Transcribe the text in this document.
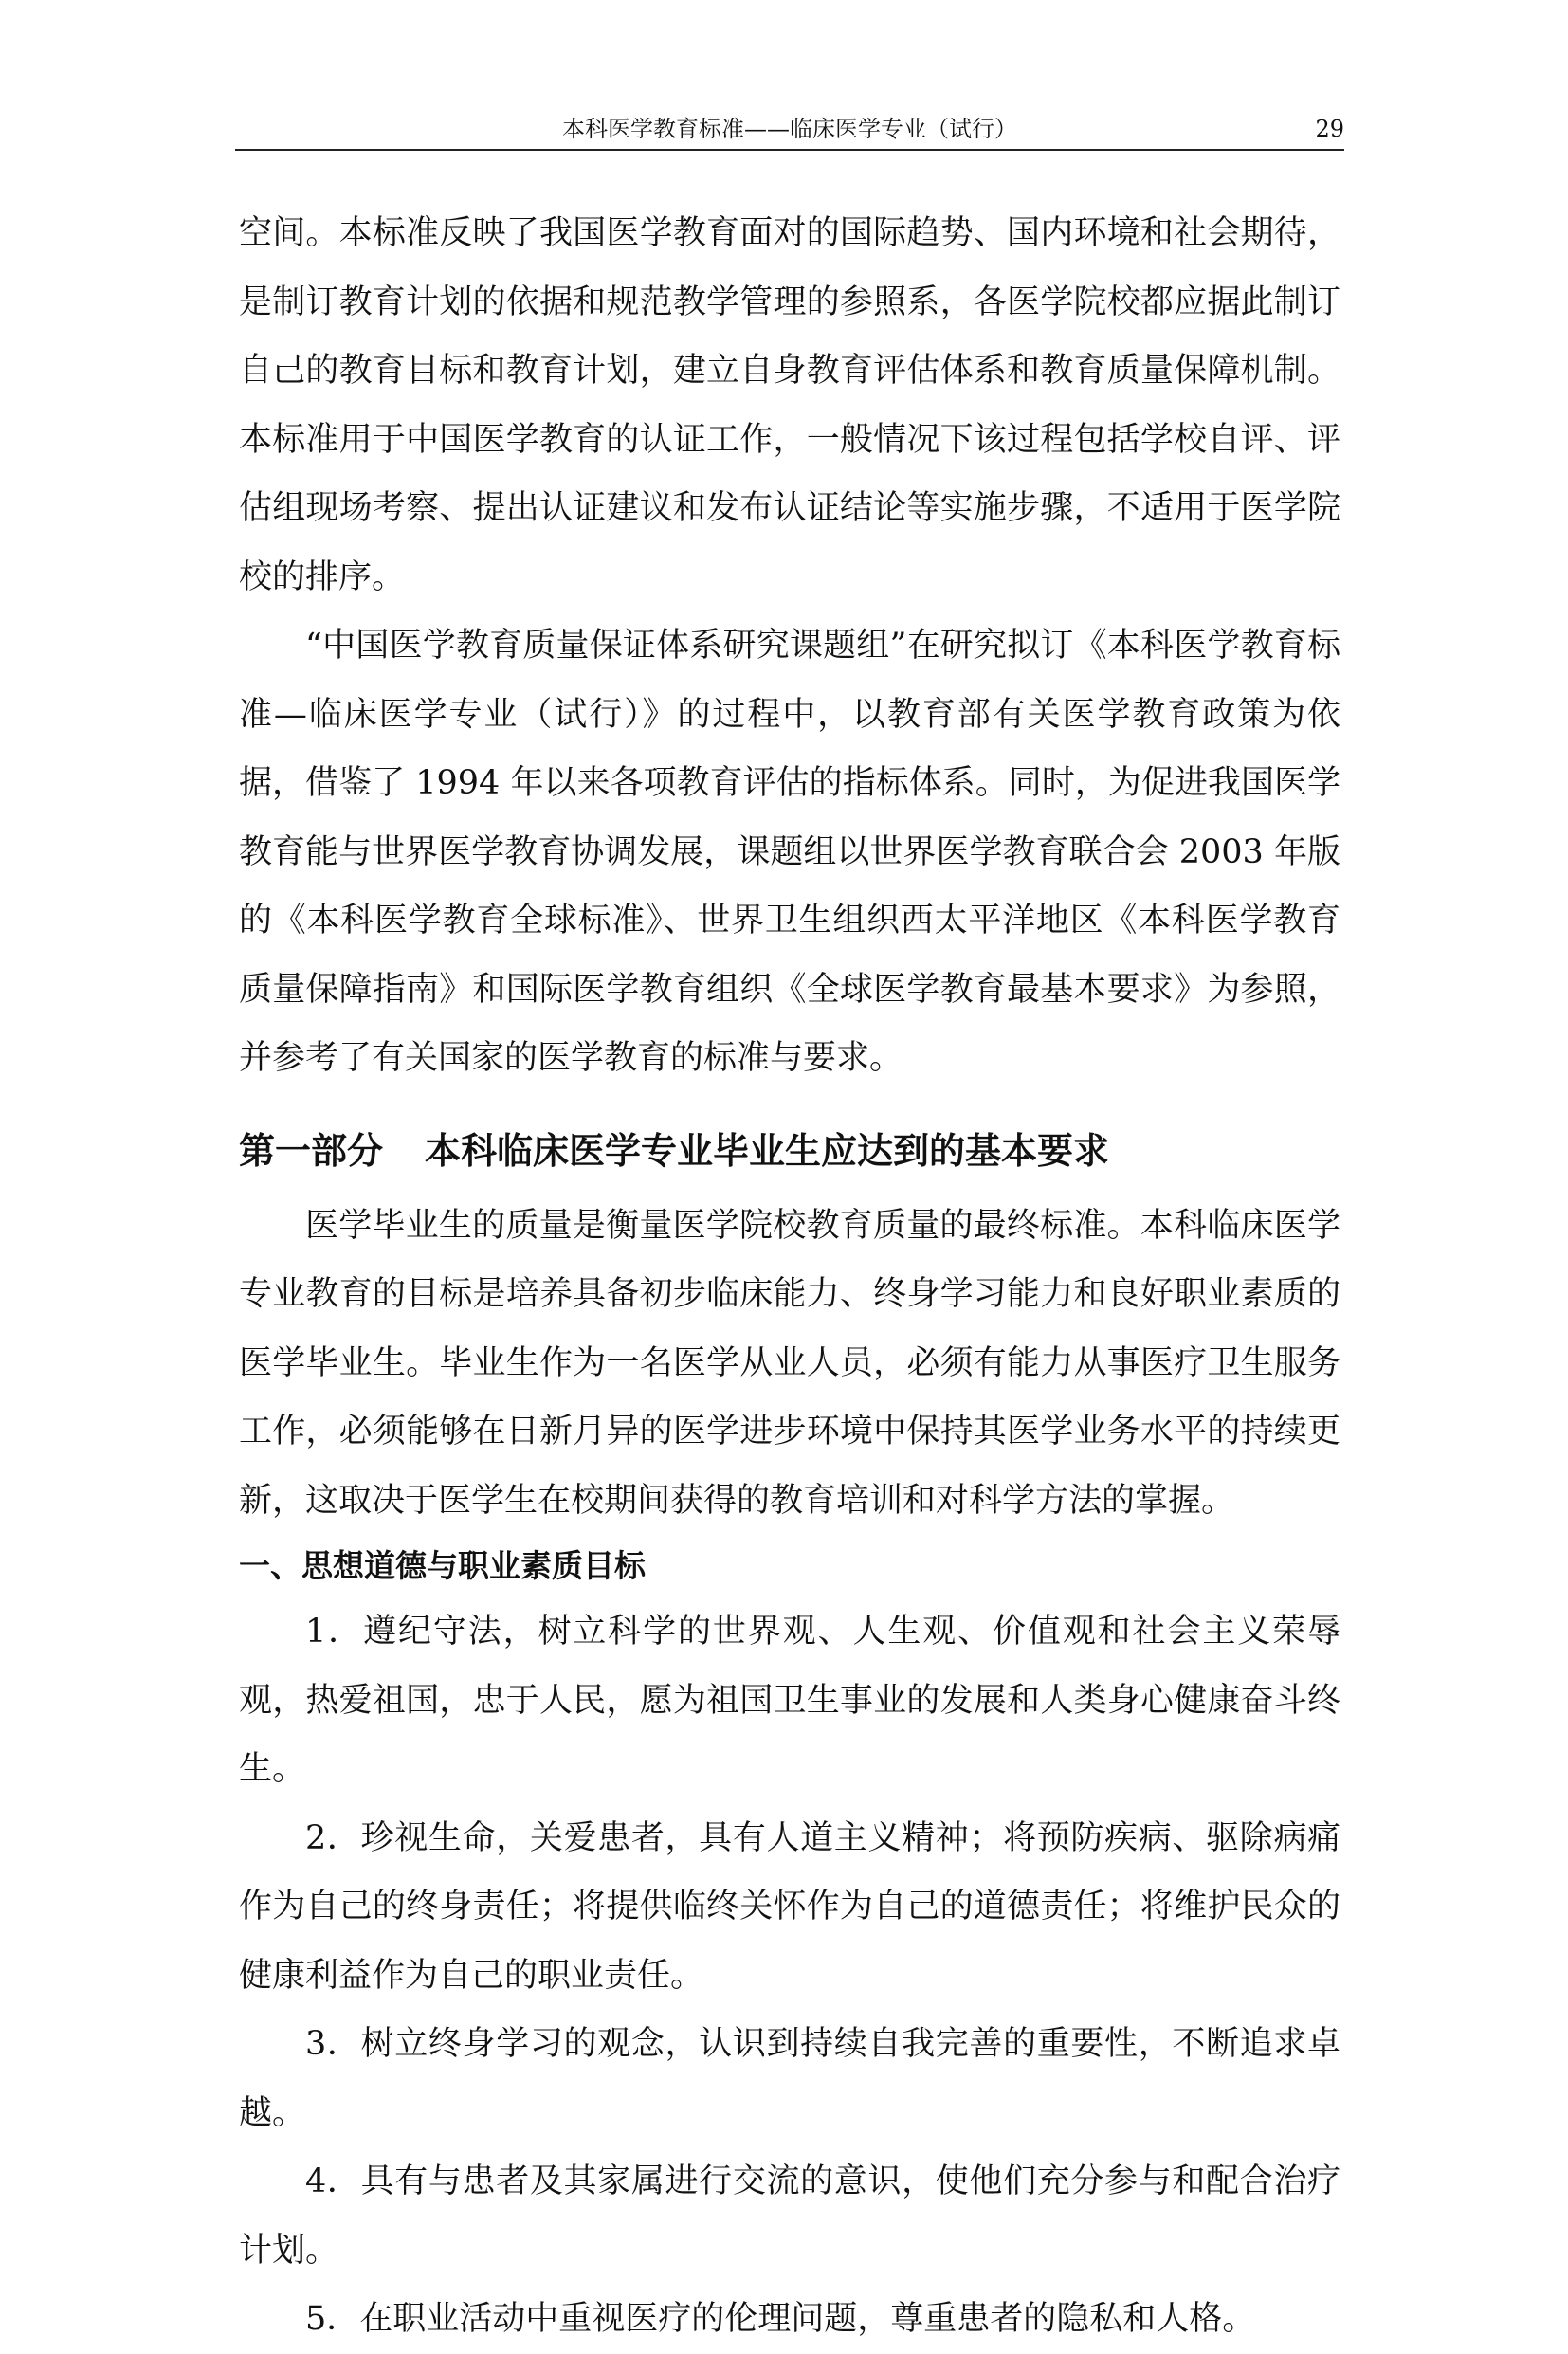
本科医学教育标准——临床医学专业（试行）	29

空间。本标准反映了我国医学教育面对的国际趋势、国内环境和社会期待，是制订教育计划的依据和规范教学管理的参照系，各医学院校都应据此制订自己的教育目标和教育计划，建立自身教育评估体系和教育质量保障机制。本标准用于中国医学教育的认证工作，一般情况下该过程包括学校自评、评估组现场考察、提出认证建议和发布认证结论等实施步骤，不适用于医学院校的排序。

“中国医学教育质量保证体系研究课题组”在研究拟订《本科医学教育标准—临床医学专业（试行）》的过程中，以教育部有关医学教育政策为依据，借鉴了 1994 年以来各项教育评估的指标体系。同时，为促进我国医学教育能与世界医学教育协调发展，课题组以世界医学教育联合会 2003 年版的《本科医学教育全球标准》、世界卫生组织西太平洋地区《本科医学教育质量保障指南》和国际医学教育组织《全球医学教育最基本要求》为参照，并参考了有关国家的医学教育的标准与要求。

第一部分 本科临床医学专业毕业生应达到的基本要求

医学毕业生的质量是衡量医学院校教育质量的最终标准。本科临床医学专业教育的目标是培养具备初步临床能力、终身学习能力和良好职业素质的医学毕业生。毕业生作为一名医学从业人员，必须有能力从事医疗卫生服务工作，必须能够在日新月异的医学进步环境中保持其医学业务水平的持续更新，这取决于医学生在校期间获得的教育培训和对科学方法的掌握。

一、思想道德与职业素质目标

1．遵纪守法，树立科学的世界观、人生观、价值观和社会主义荣辱观，热爱祖国，忠于人民，愿为祖国卫生事业的发展和人类身心健康奋斗终生。

2．珍视生命，关爱患者，具有人道主义精神；将预防疾病、驱除病痛作为自己的终身责任；将提供临终关怀作为自己的道德责任；将维护民众的健康利益作为自己的职业责任。

3．树立终身学习的观念，认识到持续自我完善的重要性，不断追求卓越。

4．具有与患者及其家属进行交流的意识，使他们充分参与和配合治疗计划。

5．在职业活动中重视医疗的伦理问题，尊重患者的隐私和人格。
